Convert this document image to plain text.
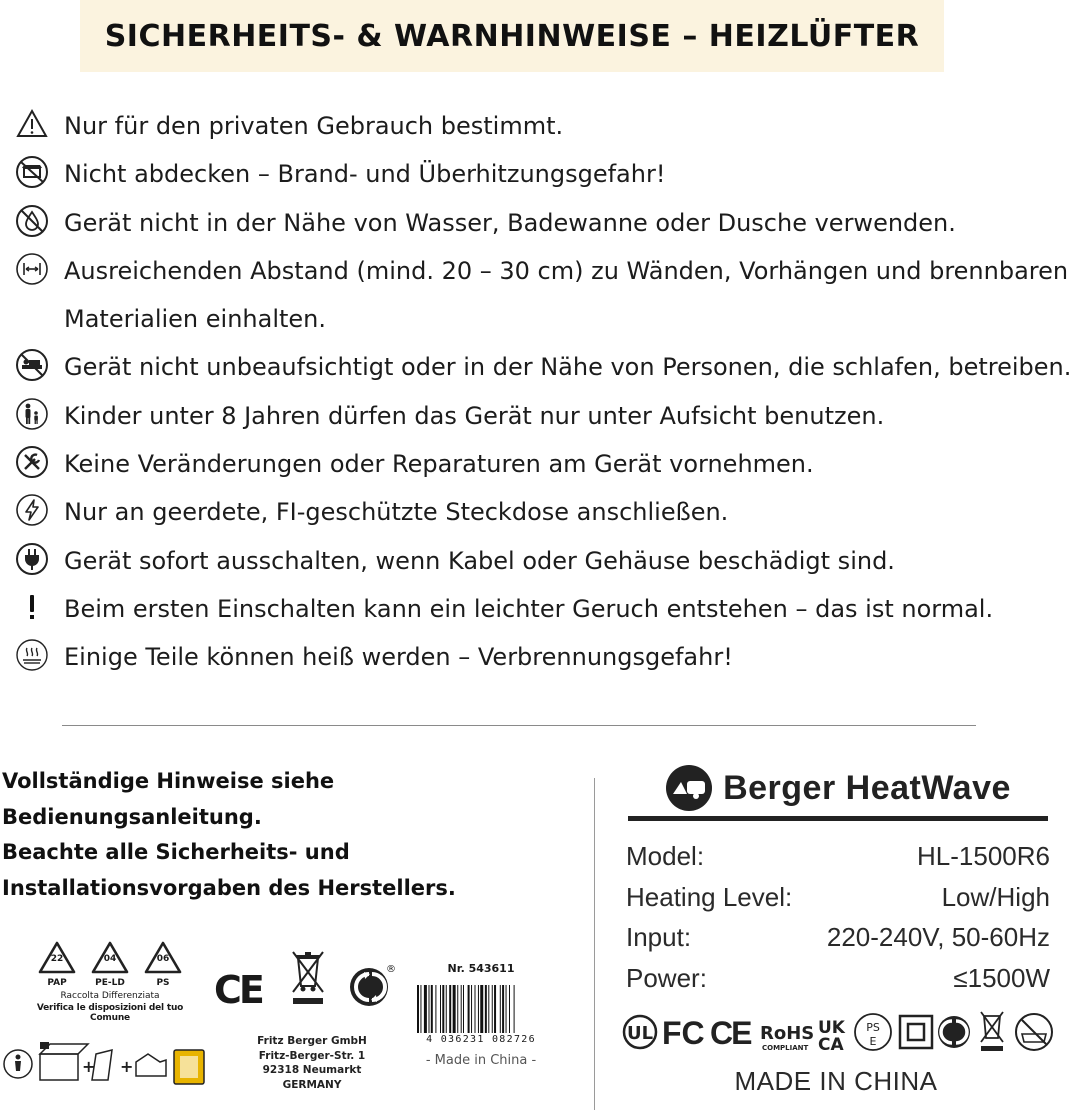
SICHERHEITS- & WARNHINWEISE – HEIZLÜFTER
Nur für den privaten Gebrauch bestimmt.
Nicht abdecken – Brand- und Überhitzungsgefahr!
Gerät nicht in der Nähe von Wasser, Badewanne oder Dusche verwenden.
Ausreichenden Abstand (mind. 20 – 30 cm) zu Wänden, Vorhängen und brennbaren Materialien einhalten.
Gerät nicht unbeaufsichtigt oder in der Nähe von Personen, die schlafen, betreiben.
Kinder unter 8 Jahren dürfen das Gerät nur unter Aufsicht benutzen.
Keine Veränderungen oder Reparaturen am Gerät vornehmen.
Nur an geerdete, FI-geschützte Steckdose anschließen.
Gerät sofort ausschalten, wenn Kabel oder Gehäuse beschädigt sind.
Beim ersten Einschalten kann ein leichter Geruch entstehen – das ist normal.
Einige Teile können heiß werden – Verbrennungsgefahr!

Vollständige Hinweise siehe

Bedienungsanleitung.

Beachte alle Sicherheits- und

Installationsvorgaben des Herstellers.

22
PAP
04
PE-LD
06
PS
Raccolta Differenziata
Verifica le disposizioni del tuo Comune
CE	®

Fritz Berger GmbH

Fritz-Berger-Str. 1

92318 Neumarkt

GERMANY

Nr. 543611
4 036231 082726
- Made in China -
+ +
Berger HeatWave
Model:	HL-1500R6
Heating Level:	Low/High
Input:	220-240V, 50-60Hz
Power:	≤1500W
UL FC CE RoHS
COMPLIANT
UK
CA
PS
E
MADE IN CHINA
